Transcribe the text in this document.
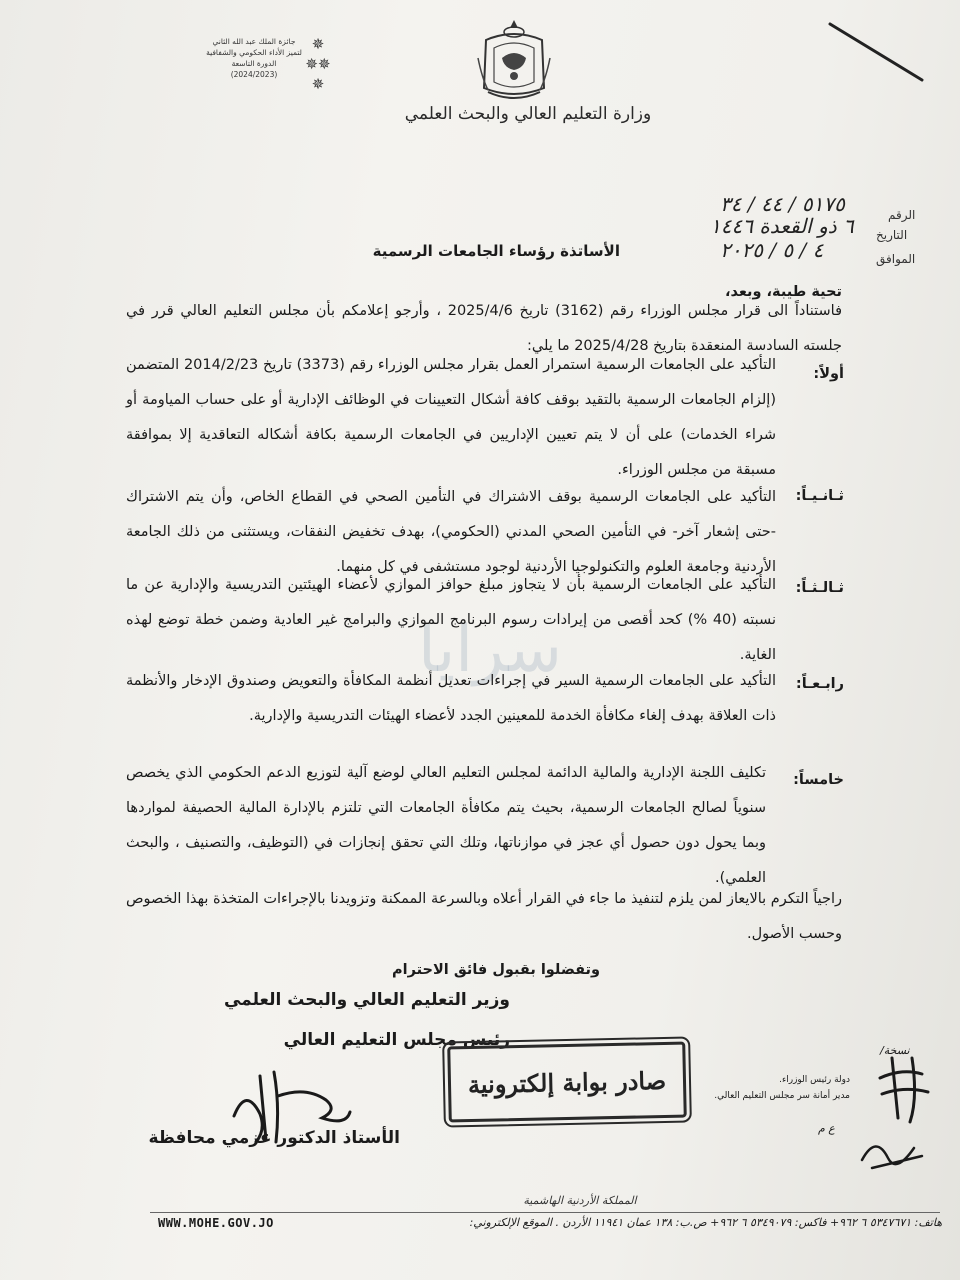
✵
✵✵
✵
جائزة الملك عبد الله الثاني
لتميز الأداء الحكومي والشفافية
الدورة التاسعة
(2024/2023)
وزارة التعليم العالي والبحث العلمي
الرقم
٥١٧٥ / ٤٤ / ٣٤
التاريخ
٦ ذو القعدة ١٤٤٦
الموافق
٤ / ٥ / ٢٠٢٥
الأساتذة رؤساء الجامعات الرسمية
تحية طيبة، وبعد،
فاستناداً الى قرار مجلس الوزراء رقم (3162) تاريخ 2025/4/6 ، وأرجو إعلامكم بأن مجلس التعليم العالي قرر في جلسته السادسة المنعقدة بتاريخ 2025/4/28 ما يلي:
سرايا
أولاً:
التأكيد على الجامعات الرسمية استمرار العمل بقرار مجلس الوزراء رقم (3373) تاريخ 2014/2/23 المتضمن (إلزام الجامعات الرسمية بالتقيد بوقف كافة أشكال التعيينات في الوظائف الإدارية أو على حساب المياومة أو شراء الخدمات) على أن لا يتم تعيين الإداريين في الجامعات الرسمية بكافة أشكاله التعاقدية إلا بموافقة مسبقة من مجلس الوزراء.
ثـانـيـاً:
التأكيد على الجامعات الرسمية بوقف الاشتراك في التأمين الصحي في القطاع الخاص، وأن يتم الاشتراك -حتى إشعار آخر- في التأمين الصحي المدني (الحكومي)، بهدف تخفيض النفقات، ويستثنى من ذلك الجامعة الأردنية وجامعة العلوم والتكنولوجيا الأردنية لوجود مستشفى في كل منهما.
ثـالـثـاً:
التأكيد على الجامعات الرسمية بأن لا يتجاوز مبلغ حوافز الموازي لأعضاء الهيئتين التدريسية والإدارية عن ما نسبته (40 %) كحد أقصى من إيرادات رسوم البرنامج الموازي والبرامج غير العادية وضمن خطة توضع لهذه الغاية.
رابـعـاً:
التأكيد على الجامعات الرسمية السير في إجراءات تعديل أنظمة المكافأة والتعويض وصندوق الإدخار والأنظمة ذات العلاقة بهدف إلغاء مكافأة الخدمة للمعينين الجدد لأعضاء الهيئات التدريسية والإدارية.
خامساً:
تكليف اللجنة الإدارية والمالية الدائمة لمجلس التعليم العالي لوضع آلية لتوزيع الدعم الحكومي الذي يخصص سنوياً لصالح الجامعات الرسمية، بحيث يتم مكافأة الجامعات التي تلتزم بالإدارة المالية الحصيفة لمواردها وبما يحول دون حصول أي عجز في موازناتها، وتلك التي تحقق إنجازات في (التوظيف، والتصنيف ، والبحث العلمي).
راجياً التكرم بالايعاز لمن يلزم لتنفيذ ما جاء في القرار أعلاه وبالسرعة الممكنة وتزويدنا بالإجراءات المتخذة بهذا الخصوص وحسب الأصول.
وتفضلوا بقبول فائق الاحترام
وزير التعليم العالي والبحث العلمي
رئيس مجلس التعليم العالي
الأستاذ الدكتور عزمي محافظة
صادر بوابة إلكترونية	دولة رئيس الوزراء.
مدير أمانة سر مجلس التعليم العالي.
نسخة/
ع م
المملكة الأردنية الهاشمية
WWW.MOHE.GOV.JO	هاتف: ٥٣٤٧٦٧١ ٦ ٩٦٢+ فاكس: ٥٣٤٩٠٧٩ ٦ ٩٦٢+ ص.ب: ١٣٨ عمان ١١٩٤١ الأردن . الموقع الإلكتروني:
